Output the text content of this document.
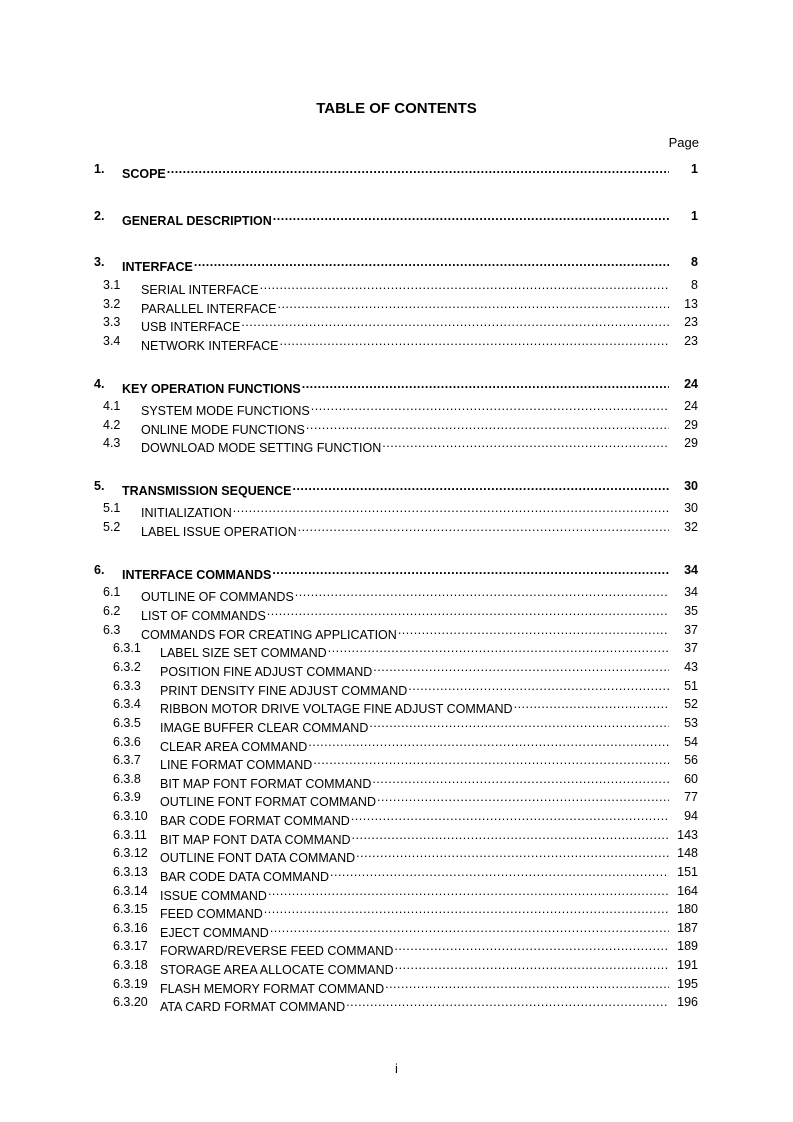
TABLE OF CONTENTS
Page
1. SCOPE .....	1
2. GENERAL DESCRIPTION .....	1
3. INTERFACE .....	8
3.1 SERIAL INTERFACE .....	8
3.2 PARALLEL INTERFACE .....	13
3.3 USB INTERFACE .....	23
3.4 NETWORK INTERFACE .....	23
4. KEY OPERATION FUNCTIONS .....	24
4.1 SYSTEM MODE FUNCTIONS .....	24
4.2 ONLINE MODE FUNCTIONS .....	29
4.3 DOWNLOAD MODE SETTING FUNCTION .....	29
5. TRANSMISSION SEQUENCE .....	30
5.1 INITIALIZATION .....	30
5.2 LABEL ISSUE OPERATION .....	32
6. INTERFACE COMMANDS .....	34
6.1 OUTLINE OF COMMANDS .....	34
6.2 LIST OF COMMANDS .....	35
6.3 COMMANDS FOR CREATING APPLICATION .....	37
6.3.1 LABEL SIZE SET COMMAND .....	37
6.3.2 POSITION FINE ADJUST COMMAND .....	43
6.3.3 PRINT DENSITY FINE ADJUST COMMAND .....	51
6.3.4 RIBBON MOTOR DRIVE VOLTAGE FINE ADJUST COMMAND .....	52
6.3.5 IMAGE BUFFER CLEAR COMMAND .....	53
6.3.6 CLEAR AREA COMMAND .....	54
6.3.7 LINE FORMAT COMMAND .....	56
6.3.8 BIT MAP FONT FORMAT COMMAND .....	60
6.3.9 OUTLINE FONT FORMAT COMMAND .....	77
6.3.10 BAR CODE FORMAT COMMAND .....	94
6.3.11 BIT MAP FONT DATA COMMAND .....	143
6.3.12 OUTLINE FONT DATA COMMAND .....	148
6.3.13 BAR CODE DATA COMMAND .....	151
6.3.14 ISSUE COMMAND .....	164
6.3.15 FEED COMMAND .....	180
6.3.16 EJECT COMMAND .....	187
6.3.17 FORWARD/REVERSE FEED COMMAND .....	189
6.3.18 STORAGE AREA ALLOCATE COMMAND .....	191
6.3.19 FLASH MEMORY FORMAT COMMAND .....	195
6.3.20 ATA CARD FORMAT COMMAND .....	196
i
